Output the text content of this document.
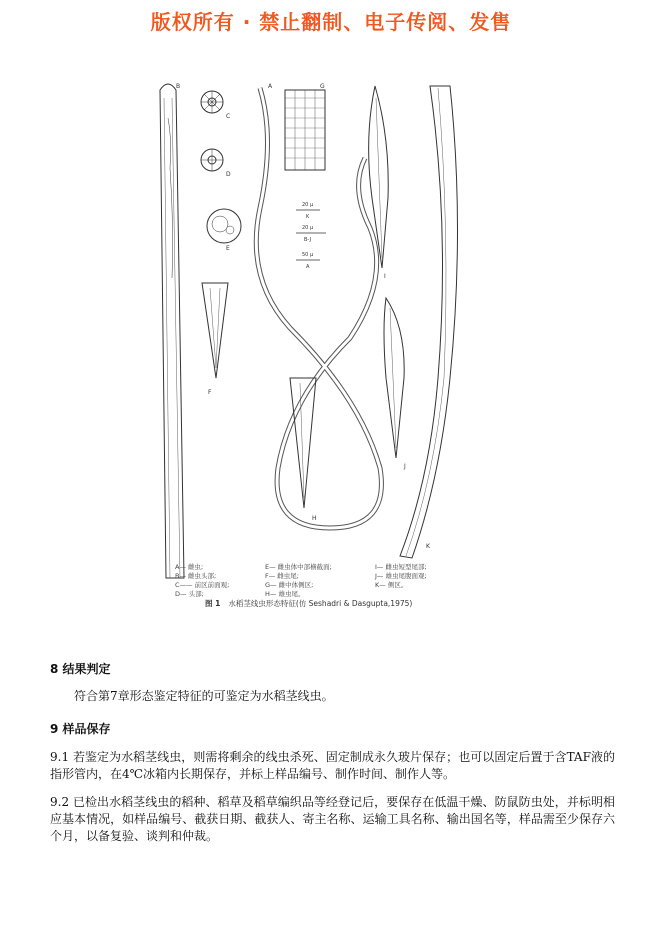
版权所有 · 禁止翻制、电子传阅、发售
B
C
D
E
F
A	G
H
I
J
K
20 μ
K
20 μ
B-J
50 μ
A
A— 雌虫;
B— 雌虫头部;
C—— 前区前面观;
D— 头部;
E— 雌虫体中部横截面;
F— 雌虫尾;
G— 雌中体侧区;
H— 雄虫尾。
I— 雌虫短型尾部;
J— 雄虫尾腹面观;
K— 侧区。
图 1 水稻茎线虫形态特征(仿 Seshadri & Dasgupta,1975)
8 结果判定
符合第7章形态鉴定特征的可鉴定为水稻茎线虫。
9 样品保存
9.1 若鉴定为水稻茎线虫，则需将剩余的线虫杀死、固定制成永久玻片保存；也可以固定后置于含TAF液的指形管内，在4℃冰箱内长期保存，并标上样品编号、制作时间、制作人等。
9.2 已检出水稻茎线虫的稻种、稻草及稻草编织品等经登记后，要保存在低温干燥、防鼠防虫处，并标明相应基本情况，如样品编号、截获日期、截获人、寄主名称、运输工具名称、输出国名等，样品需至少保存六个月，以备复验、谈判和仲裁。
